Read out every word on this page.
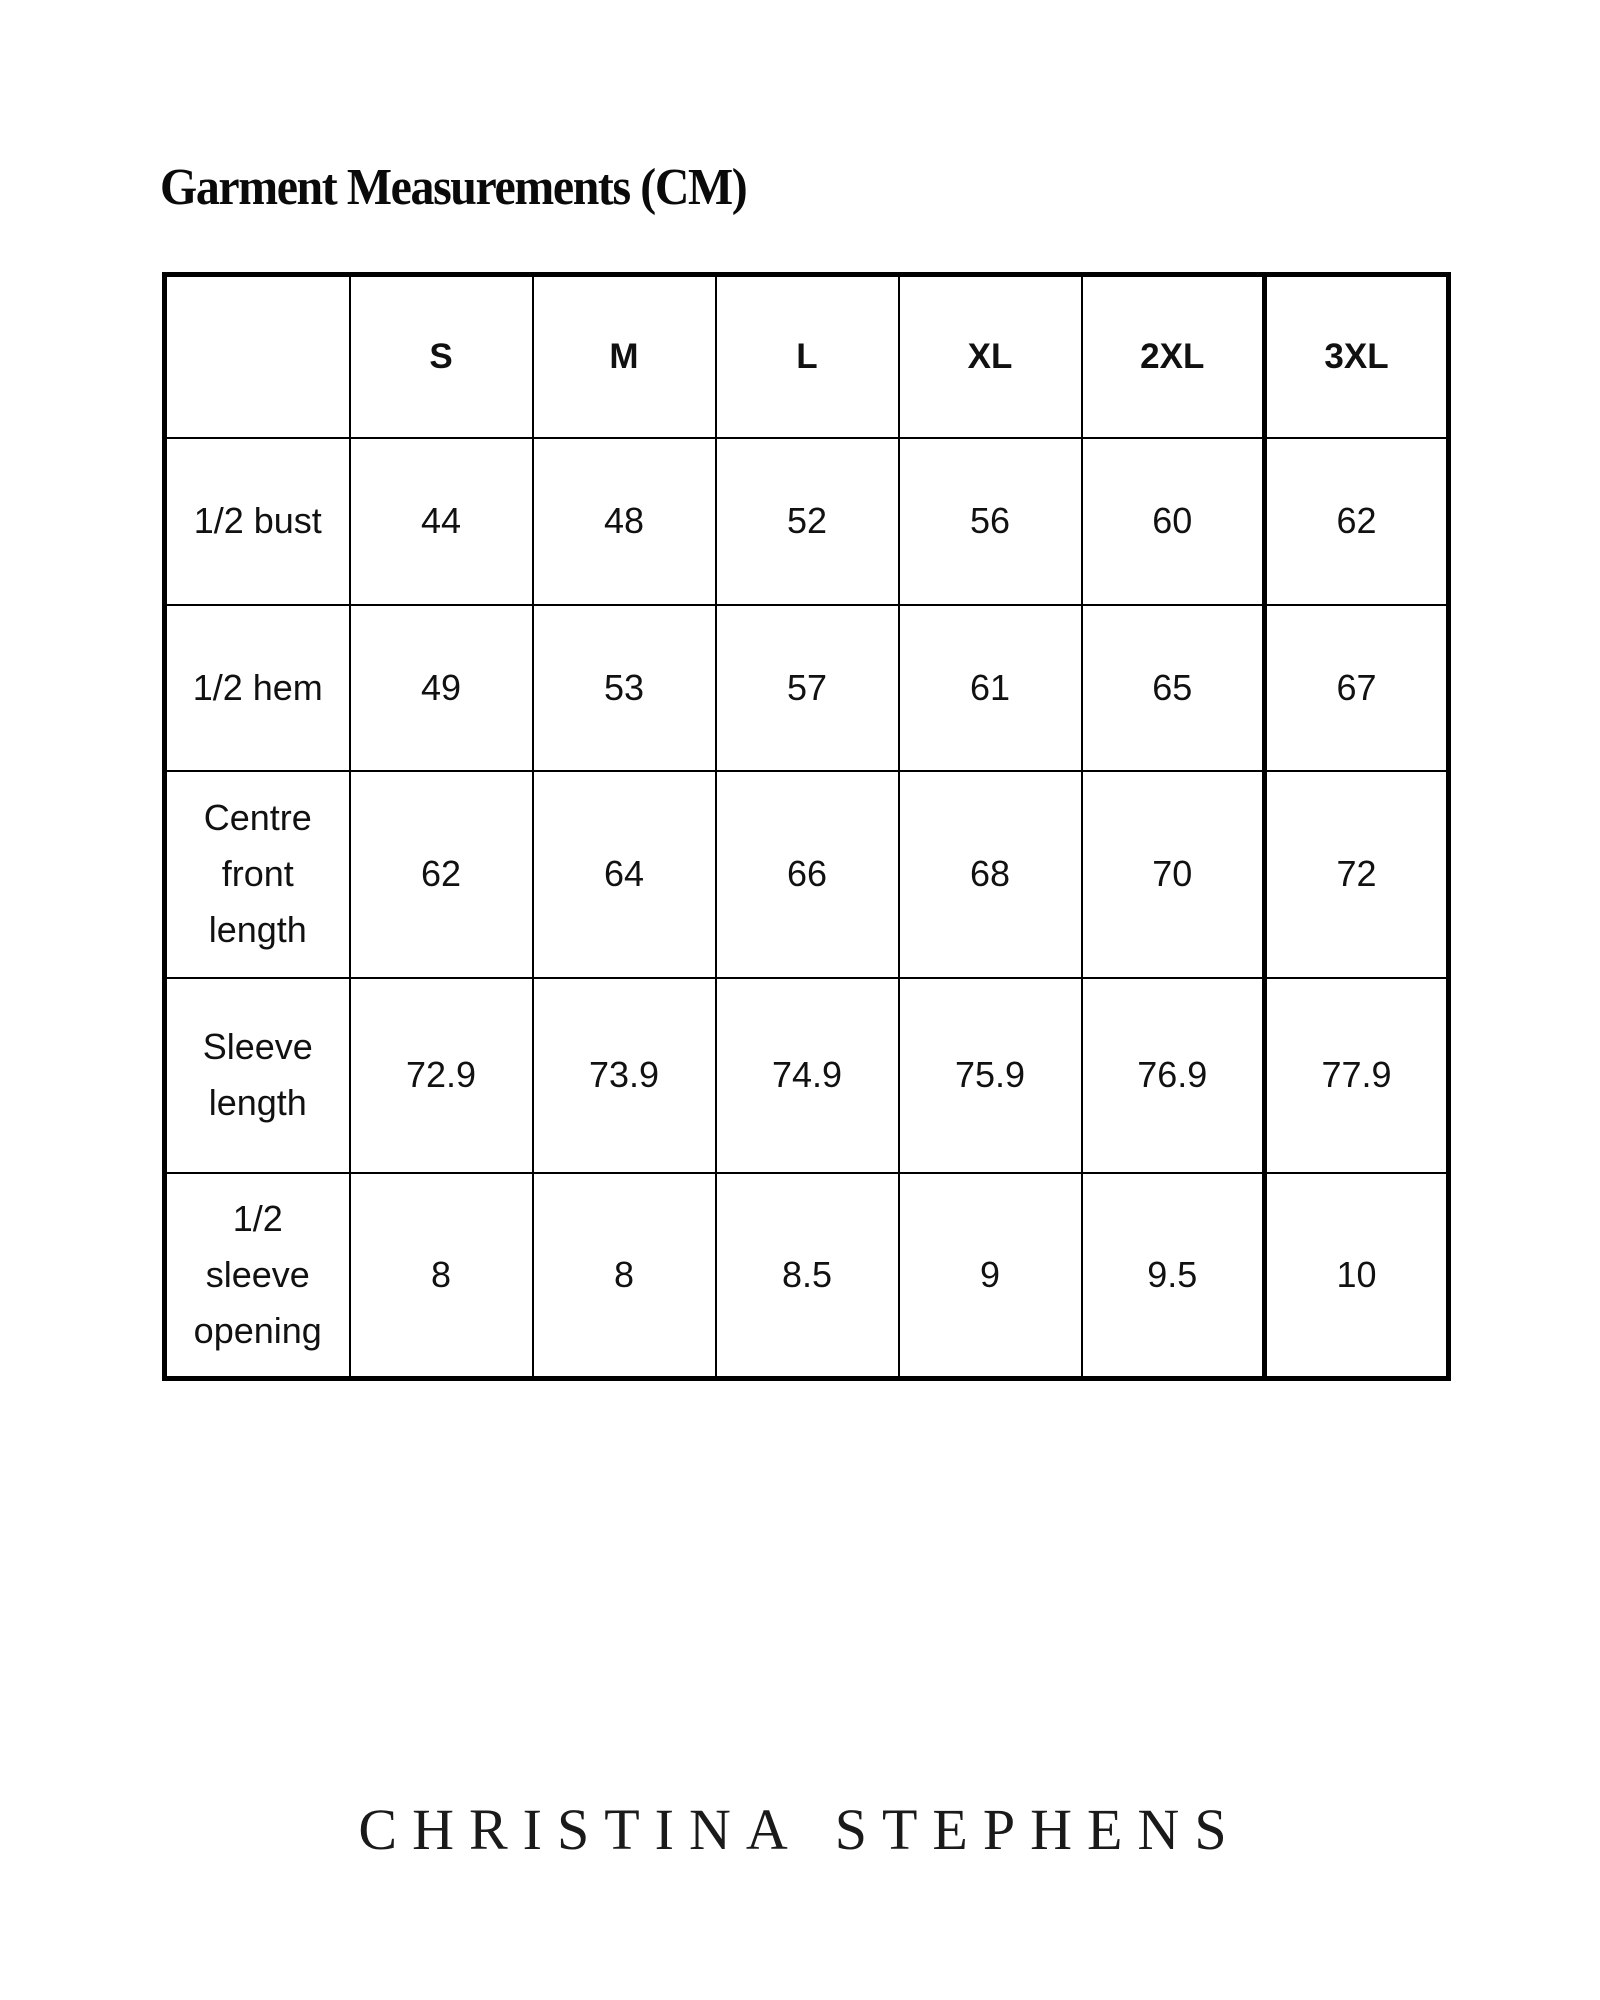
Garment Measurements (CM)
	S	M	L	XL	2XL	3XL
1/2 bust	44	48	52	56	60	62
1/2 hem	49	53	57	61	65	67

Centre
front
length	62	64	66	68	70	72

Sleeve
length	72.9	73.9	74.9	75.9	76.9	77.9

1/2
sleeve
opening	8	8	8.5	9	9.5	10
CHRISTINA STEPHENS
